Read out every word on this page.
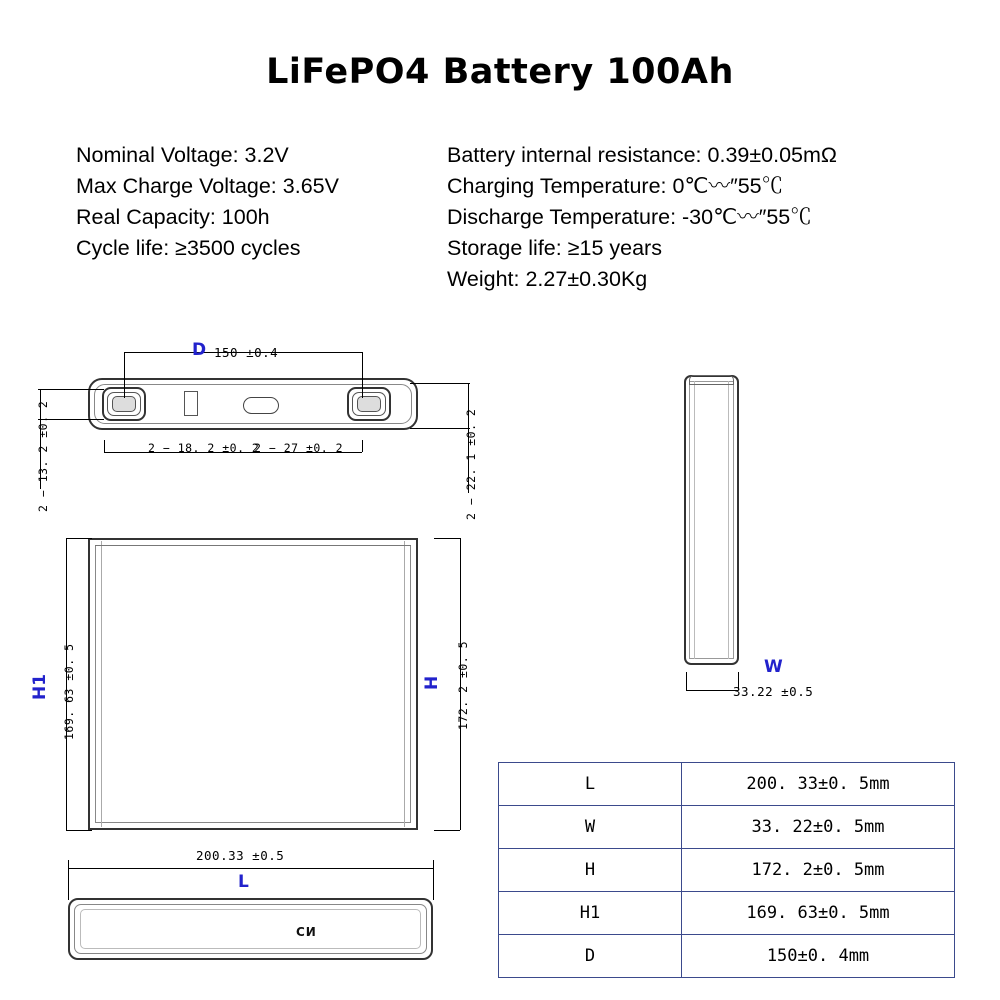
LiFePO4 Battery 100Ah
Nominal Voltage: 3.2V
Max Charge Voltage: 3.65V
Real Capacity: 100h
Cycle life: ≥3500 cycles
Battery internal resistance: 0.39±0.05mΩ
Charging Temperature: 0℃〰″55℃
Discharge Temperature: -30℃〰″55℃
Storage life: ≥15 years
Weight: 2.27±0.30Kg
D 150 ±0.4
2 − 13. 2 ±0. 2	2 − 22. 1 ±0. 2
2 − 18. 2 ±0. 2
2 − 27 ±0. 2
W
33.22 ±0.5
H1 169. 63 ±0. 5	H 172. 2 ±0. 5
200.33 ±0.5
L
CN
L	200. 33±0. 5mm
W	33. 22±0. 5mm
H	172. 2±0. 5mm
H1	169. 63±0. 5mm
D	150±0. 4mm
